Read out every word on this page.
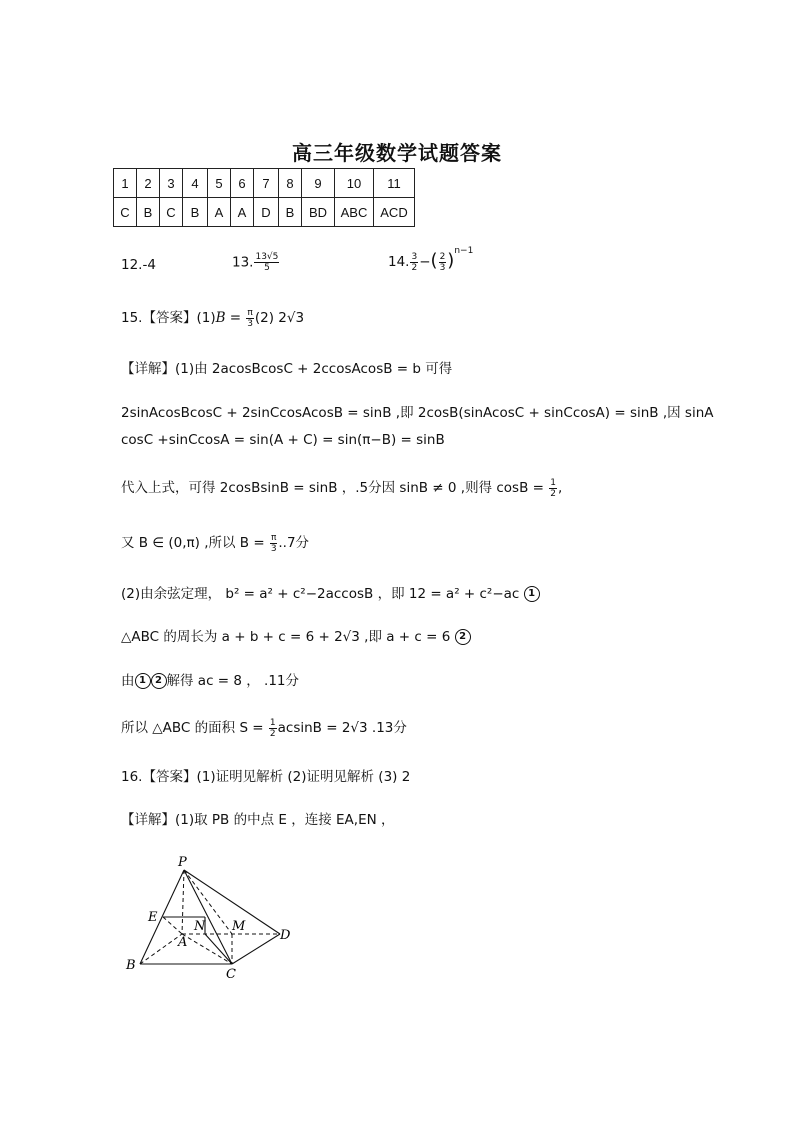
高三年级数学试题答案
1	2	3	4	5	6	7	8	9	10	11
C	B	C	B	A	A	D	B	BD	ABC	ACD
12.-4	13. $\frac{13√5}{5}$	14. $\frac{3}{2}$ −( $\frac{2}{3} )^{n-1}$
15.【答案】$(1)B = \frac{\pi}{3} (2)$ 2√3
【详解】(1)由 2acosBcosC + 2ccosAcosB = b 可得
2sinAcosBcosC + 2sinCcosAcosB = sinB ,即 2cosB(sinAcosC + sinCcosA) = sinB ,因 sinA
cosC +sinCcosA = sin(A + C) = sin(π−B) = sinB
代入上式，可得 2cosBsinB = sinB ，.5分因 sinB ≠ 0 ,则得 $\cos B = \frac{1}{2}$ ,
又 B ∈ (0,π) ,所以 $B = \frac{\pi}{3} ..7$分
(2)由余弦定理， b² = a² + c²−2accosB ，即 12 = a² + c²−ac 1
△ABC 的周长为 a + b + c = 6 + 2√3 ,即 a + c = 6 2
由 1 2 解得 ac = 8 ， .11分
所以 △ABC 的面积 $S = \frac{1}{2}$ acsinB = 2√3 .13分
16.【答案】(1)证明见解析 (2)证明见解析 (3) 2
【详解】(1)取 PB 的中点 E ，连接 EA,EN ，
P
E
N M
A	D
B
C
